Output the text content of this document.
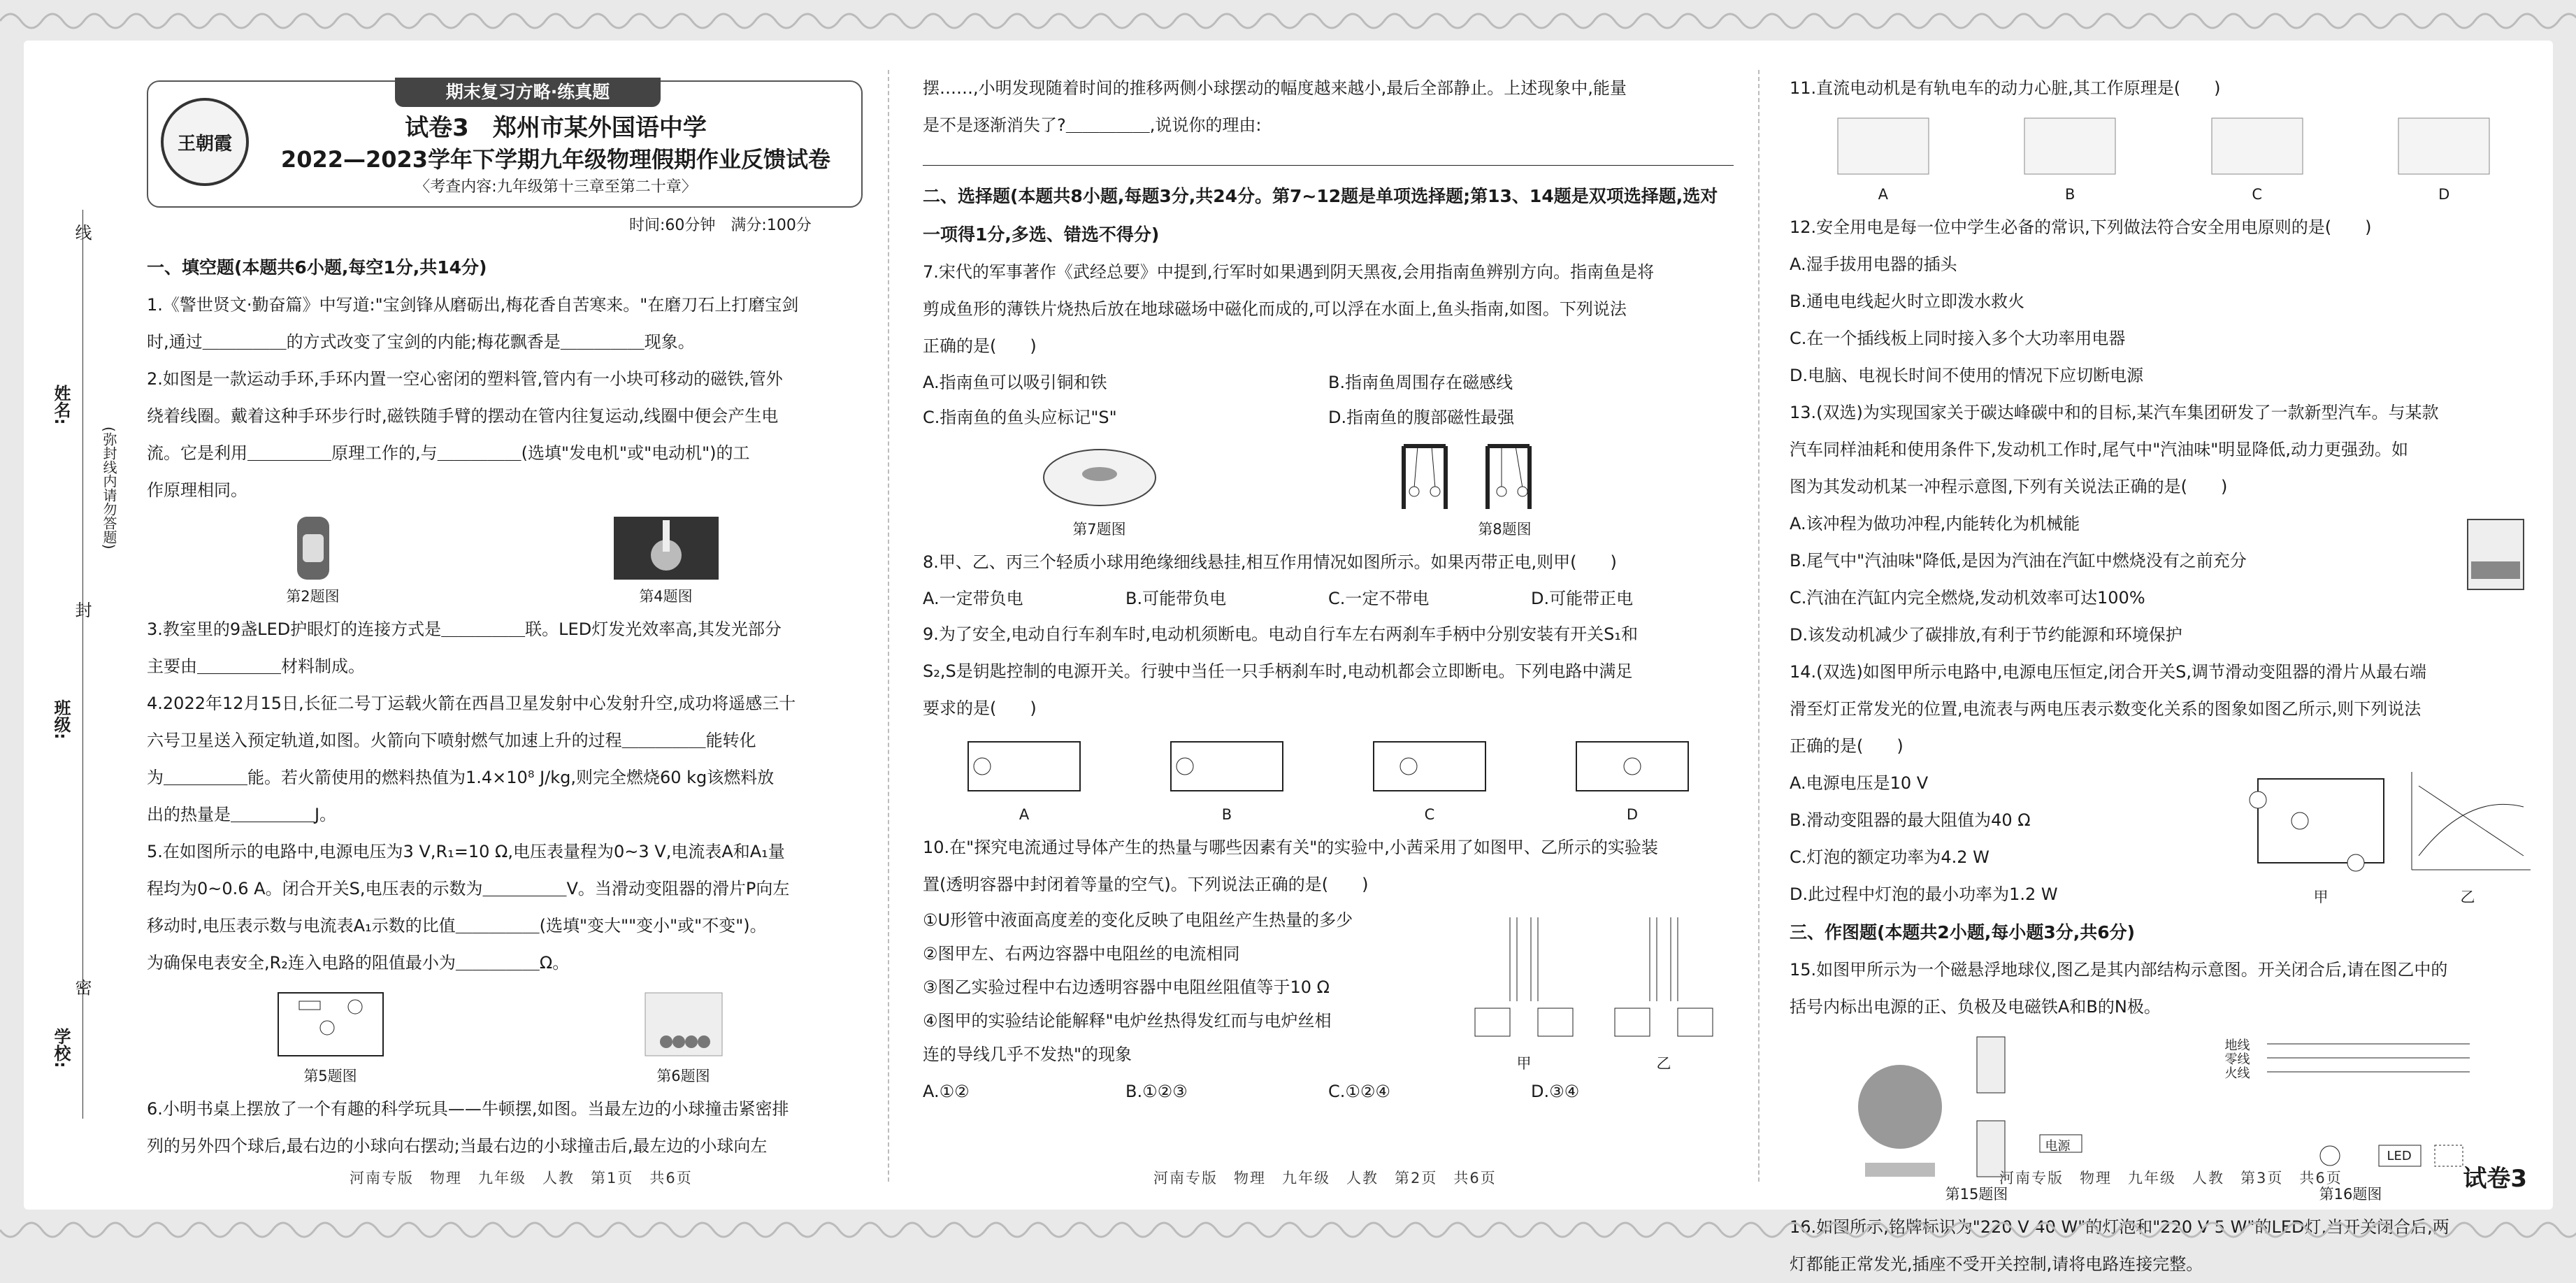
线
姓名:
(弥封线内请勿答题)
封
班级:
密
学校:
期末复习方略·练真题
王朝霞
试卷3　郑州市某外国语中学
2022—2023学年下学期九年级物理假期作业反馈试卷
〈考查内容:九年级第十三章至第二十章〉
时间:60分钟　满分:100分

一、填空题(本题共6小题,每空1分,共14分)

1.《警世贤文·勤奋篇》中写道:"宝剑锋从磨砺出,梅花香自苦寒来。"在磨刀石上打磨宝剑

时,通过＿＿＿＿＿的方式改变了宝剑的内能;梅花飘香是＿＿＿＿＿现象。

2.如图是一款运动手环,手环内置一空心密闭的塑料管,管内有一小块可移动的磁铁,管外

绕着线圈。戴着这种手环步行时,磁铁随手臂的摆动在管内往复运动,线圈中便会产生电

流。它是利用＿＿＿＿＿原理工作的,与＿＿＿＿＿(选填"发电机"或"电动机")的工

作原理相同。

第2题图	第4题图

3.教室里的9盏LED护眼灯的连接方式是＿＿＿＿＿联。LED灯发光效率高,其发光部分

主要由＿＿＿＿＿材料制成。

4.2022年12月15日,长征二号丁运载火箭在西昌卫星发射中心发射升空,成功将遥感三十

六号卫星送入预定轨道,如图。火箭向下喷射燃气加速上升的过程＿＿＿＿＿能转化

为＿＿＿＿＿能。若火箭使用的燃料热值为1.4×10⁸ J/kg,则完全燃烧60 kg该燃料放

出的热量是＿＿＿＿＿J。

5.在如图所示的电路中,电源电压为3 V,R₁=10 Ω,电压表量程为0~3 V,电流表A和A₁量

程均为0~0.6 A。闭合开关S,电压表的示数为＿＿＿＿＿V。当滑动变阻器的滑片P向左

移动时,电压表示数与电流表A₁示数的比值＿＿＿＿＿(选填"变大""变小"或"不变")。

为确保电表安全,R₂连入电路的阻值最小为＿＿＿＿＿Ω。

第5题图	第6题图

6.小明书桌上摆放了一个有趣的科学玩具——牛顿摆,如图。当最左边的小球撞击紧密排

列的另外四个球后,最右边的小球向右摆动;当最右边的小球撞击后,最左边的小球向左

摆……,小明发现随着时间的推移两侧小球摆动的幅度越来越小,最后全部静止。上述现象中,能量

是不是逐渐消失了?＿＿＿＿＿,说说你的理由:

二、选择题(本题共8小题,每题3分,共24分。第7~12题是单项选择题;第13、14题是双项选择题,选对

一项得1分,多选、错选不得分)

7.宋代的军事著作《武经总要》中提到,行军时如果遇到阴天黑夜,会用指南鱼辨别方向。指南鱼是将

剪成鱼形的薄铁片烧热后放在地球磁场中磁化而成的,可以浮在水面上,鱼头指南,如图。下列说法

正确的是(　　)

A.指南鱼可以吸引铜和铁	B.指南鱼周围存在磁感线
C.指南鱼的鱼头应标记"S"	D.指南鱼的腹部磁性最强
第7题图	第8题图

8.甲、乙、丙三个轻质小球用绝缘细线悬挂,相互作用情况如图所示。如果丙带正电,则甲(　　)

A.一定带负电	B.可能带负电	C.一定不带电	D.可能带正电

9.为了安全,电动自行车刹车时,电动机须断电。电动自行车左右两刹车手柄中分别安装有开关S₁和

S₂,S是钥匙控制的电源开关。行驶中当任一只手柄刹车时,电动机都会立即断电。下列电路中满足

要求的是(　　)

A	B	C	D

10.在"探究电流通过导体产生的热量与哪些因素有关"的实验中,小茜采用了如图甲、乙所示的实验装

置(透明容器中封闭着等量的空气)。下列说法正确的是(　　)

①U形管中液面高度差的变化反映了电阻丝产生热量的多少

②图甲左、右两边容器中电阻丝的电流相同

③图乙实验过程中右边透明容器中电阻丝阻值等于10 Ω

④图甲的实验结论能解释"电炉丝热得发红而与电炉丝相

连的导线几乎不发热"的现象	甲	乙
A.①②	B.①②③	C.①②④	D.③④

11.直流电动机是有轨电车的动力心脏,其工作原理是(　　)

A	B	C	D

12.安全用电是每一位中学生必备的常识,下列做法符合安全用电原则的是(　　)

A.湿手拔用电器的插头

B.通电电线起火时立即泼水救火

C.在一个插线板上同时接入多个大功率用电器

D.电脑、电视长时间不使用的情况下应切断电源

13.(双选)为实现国家关于碳达峰碳中和的目标,某汽车集团研发了一款新型汽车。与某款

汽车同样油耗和使用条件下,发动机工作时,尾气中"汽油味"明显降低,动力更强劲。如

图为其发动机某一冲程示意图,下列有关说法正确的是(　　)

A.该冲程为做功冲程,内能转化为机械能

B.尾气中"汽油味"降低,是因为汽油在汽缸中燃烧没有之前充分

C.汽油在汽缸内完全燃烧,发动机效率可达100%

D.该发动机减少了碳排放,有利于节约能源和环境保护

14.(双选)如图甲所示电路中,电源电压恒定,闭合开关S,调节滑动变阻器的滑片从最右端

滑至灯正常发光的位置,电流表与两电压表示数变化关系的图象如图乙所示,则下列说法

正确的是(　　)

A.电源电压是10 V

B.滑动变阻器的最大阻值为40 Ω

C.灯泡的额定功率为4.2 W

D.此过程中灯泡的最小功率为1.2 W	甲	乙

三、作图题(本题共2小题,每小题3分,共6分)

15.如图甲所示为一个磁悬浮地球仪,图乙是其内部结构示意图。开关闭合后,请在图乙中的

括号内标出电源的正、负极及电磁铁A和B的N极。

电源
第15题图
地线
零线
火线
LED
第16题图

16.如图所示,铭牌标识为"220 V 40 W"的灯泡和"220 V 5 W"的LED灯,当开关闭合后,两

灯都能正常发光,插座不受开关控制,请将电路连接完整。

河南专版　物理　九年级　人教　第1页　共6页	河南专版　物理　九年级　人教　第2页　共6页	河南专版　物理　九年级　人教　第3页　共6页	试卷3
